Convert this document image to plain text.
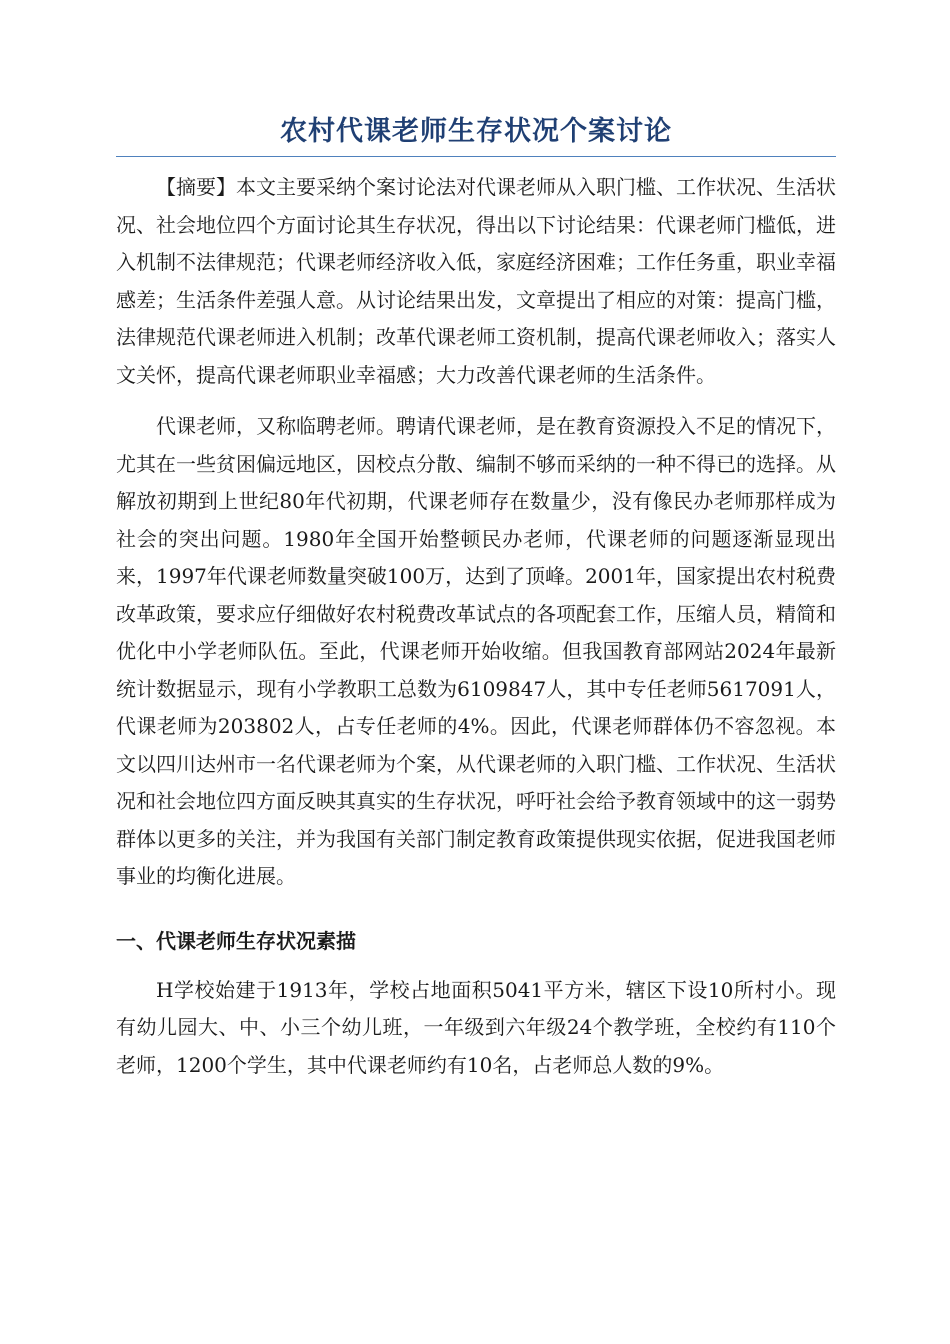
农村代课老师生存状况个案讨论

【摘要】本文主要采纳个案讨论法对代课老师从入职门槛、工作状况、生活状况、社会地位四个方面讨论其生存状况，得出以下讨论结果：代课老师门槛低，进入机制不法律规范；代课老师经济收入低，家庭经济困难；工作任务重，职业幸福感差；生活条件差强人意。从讨论结果出发，文章提出了相应的对策：提高门槛，法律规范代课老师进入机制；改革代课老师工资机制，提高代课老师收入；落实人文关怀，提高代课老师职业幸福感；大力改善代课老师的生活条件。

代课老师，又称临聘老师。聘请代课老师，是在教育资源投入不足的情况下，尤其在一些贫困偏远地区，因校点分散、编制不够而采纳的一种不得已的选择。从解放初期到上世纪80年代初期，代课老师存在数量少，没有像民办老师那样成为社会的突出问题。1980年全国开始整顿民办老师，代课老师的问题逐渐显现出来，1997年代课老师数量突破100万，达到了顶峰。2001年，国家提出农村税费改革政策，要求应仔细做好农村税费改革试点的各项配套工作，压缩人员，精简和优化中小学老师队伍。至此，代课老师开始收缩。但我国教育部网站2024年最新统计数据显示，现有小学教职工总数为6109847人，其中专任老师5617091人，代课老师为203802人，占专任老师的4%。因此，代课老师群体仍不容忽视。本文以四川达州市一名代课老师为个案，从代课老师的入职门槛、工作状况、生活状况和社会地位四方面反映其真实的生存状况，呼吁社会给予教育领域中的这一弱势群体以更多的关注，并为我国有关部门制定教育政策提供现实依据，促进我国老师事业的均衡化进展。

一、代课老师生存状况素描

H学校始建于1913年，学校占地面积5041平方米，辖区下设10所村小。现有幼儿园大、中、小三个幼儿班，一年级到六年级24个教学班，全校约有110个老师，1200个学生，其中代课老师约有10名，占老师总人数的9%。
